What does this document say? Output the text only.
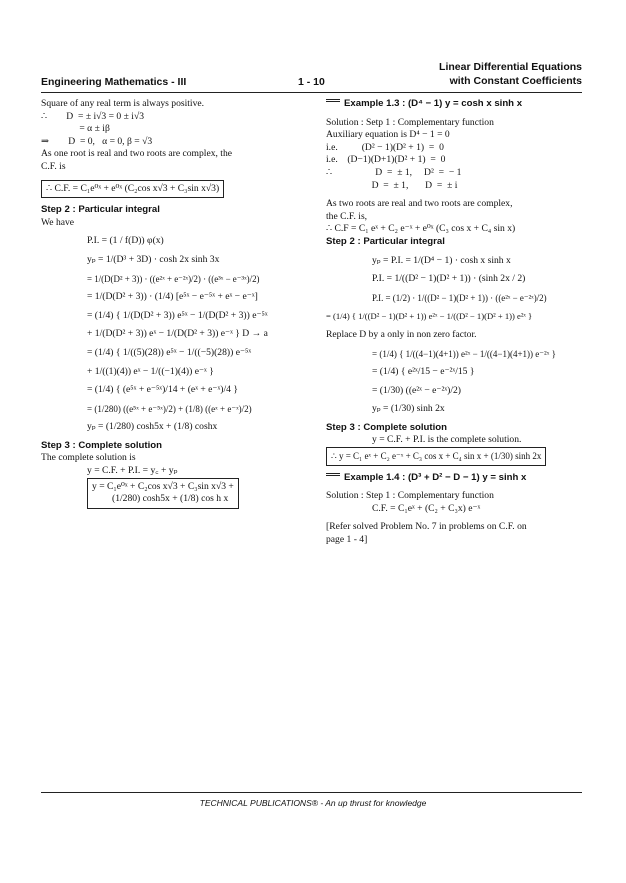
Engineering Mathematics - III	1 - 10
Linear Differential Equations
with Constant Coefficients
Square of any real term is always positive.
∴        D  = ± i√3 = 0 ± i√3
= α ± iβ
⇒        D  = 0,   α = 0, β = √3
As one root is real and two roots are complex, the
C.F. is
∴ C.F. = C₁e⁰ˣ + e⁰ˣ (C₂cos x√3 + C₃sin x√3)
Step 2 : Particular integral
We have
P.I. = (1 / f(D)) φ(x)
yₚ = 1/(D³ + 3D) · cosh 2x sinh 3x
= 1/(D(D² + 3)) · ((e²ˣ + e⁻²ˣ)/2) · ((e³ˣ − e⁻³ˣ)/2)
= 1/(D(D² + 3)) · (1/4) [e⁵ˣ − e⁻⁵ˣ + eˣ − e⁻ˣ]
= (1/4) { 1/(D(D² + 3)) e⁵ˣ − 1/(D(D² + 3)) e⁻⁵ˣ
+ 1/(D(D² + 3)) eˣ − 1/(D(D² + 3)) e⁻ˣ } D → a
= (1/4) { 1/((5)(28)) e⁵ˣ − 1/((−5)(28)) e⁻⁵ˣ
+ 1/((1)(4)) eˣ − 1/((−1)(4)) e⁻ˣ }
= (1/4) { (e⁵ˣ + e⁻⁵ˣ)/14 + (eˣ + e⁻ˣ)/4 }
= (1/280) ((e⁵ˣ + e⁻⁵ˣ)/2) + (1/8) ((eˣ + e⁻ˣ)/2)
yₚ = (1/280) cosh5x + (1/8) coshx
Step 3 : Complete solution
The complete solution is
y = C.F. + P.I. = y꜀ + yₚ
y = C₁e⁰ˣ + C₂cos x√3 + C₃sin x√3 +
(1/280) cosh5x + (1/8) cos h x
Example 1.3 : (D⁴ − 1) y = cosh x sinh x
Solution : Setp 1 : Complementary function
Auxiliary equation is D⁴ − 1 = 0
i.e.          (D² − 1)(D² + 1)  =  0
i.e.    (D−1)(D+1)(D² + 1)  =  0
∴                  D  =  ± 1,     D²  =  − 1
D  =  ± 1,       D  =  ± i
As two roots are real and two roots are complex,
the C.F. is,
∴ C.F = C₁ eˣ + C₂ e⁻ˣ + e⁰ˣ (C₃ cos x + C₄ sin x)
Step 2 : Particular integral
yₚ = P.I. = 1/(D⁴ − 1) · cosh x sinh x
P.I. = 1/((D² − 1)(D² + 1)) · (sinh 2x / 2)
P.I. = (1/2) · 1/((D² − 1)(D² + 1)) · ((e²ˣ − e⁻²ˣ)/2)
= (1/4) { 1/((D² − 1)(D² + 1)) e²ˣ − 1/((D² − 1)(D² + 1)) e²ˣ }
Replace D by a only in non zero factor.
= (1/4) { 1/((4−1)(4+1)) e²ˣ − 1/((4−1)(4+1)) e⁻²ˣ }
= (1/4) { e²ˣ/15 − e⁻²ˣ/15 }
= (1/30) ((e²ˣ − e⁻²ˣ)/2)
yₚ = (1/30) sinh 2x
Step 3 : Complete solution
y = C.F. + P.I. is the complete solution.
∴ y = C₁ eˣ + C₂ e⁻ˣ + C₃ cos x + C₄ sin x + (1/30) sinh 2x
Example 1.4 : (D³ + D² − D − 1) y = sinh x
Solution : Step 1 : Complementary function
C.F. = C₁eˣ + (C₂ + C₃x) e⁻ˣ
[Refer solved Problem No. 7 in problems on C.F. on
page 1 - 4]
TECHNICAL PUBLICATIONS® - An up thrust for knowledge
